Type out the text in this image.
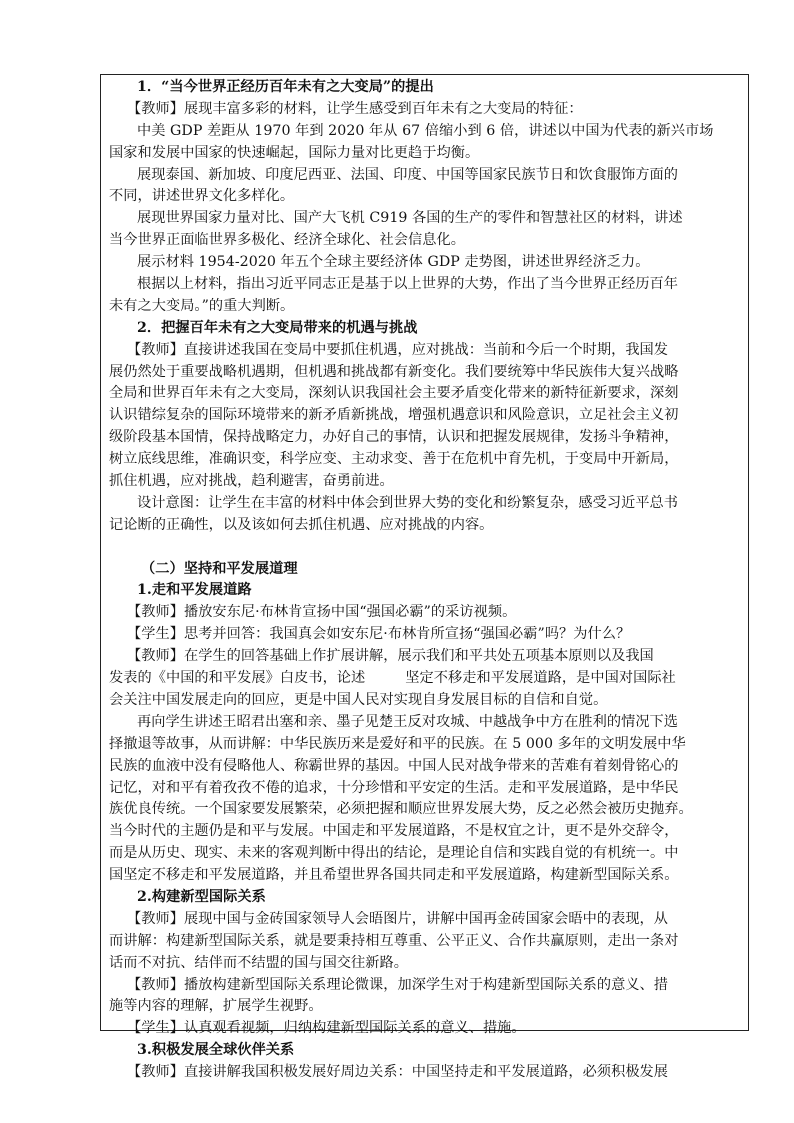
1．“当今世界正经历百年未有之大变局”的提出
【教师】展现丰富多彩的材料，让学生感受到百年未有之大变局的特征：
中美 GDP 差距从 1970 年到 2020 年从 67 倍缩小到 6 倍，讲述以中国为代表的新兴市场
国家和发展中国家的快速崛起，国际力量对比更趋于均衡。
展现泰国、新加坡、印度尼西亚、法国、印度、中国等国家民族节日和饮食服饰方面的
不同，讲述世界文化多样化。
展现世界国家力量对比、国产大飞机 C919 各国的生产的零件和智慧社区的材料，讲述
当今世界正面临世界多极化、经济全球化、社会信息化。
展示材料 1954-2020 年五个全球主要经济体 GDP 走势图，讲述世界经济乏力。
根据以上材料，指出习近平同志正是基于以上世界的大势，作出了当今世界正经历百年
未有之大变局。”的重大判断。
2．把握百年未有之大变局带来的机遇与挑战
【教师】直接讲述我国在变局中要抓住机遇，应对挑战：当前和今后一个时期，我国发
展仍然处于重要战略机遇期，但机遇和挑战都有新变化。我们要统筹中华民族伟大复兴战略
全局和世界百年未有之大变局，深刻认识我国社会主要矛盾变化带来的新特征新要求，深刻
认识错综复杂的国际环境带来的新矛盾新挑战，增强机遇意识和风险意识，立足社会主义初
级阶段基本国情，保持战略定力，办好自己的事情，认识和把握发展规律，发扬斗争精神，
树立底线思维，准确识变，科学应变、主动求变、善于在危机中育先机，于变局中开新局，
抓住机遇，应对挑战，趋利避害，奋勇前进。
设计意图：让学生在丰富的材料中体会到世界大势的变化和纷繁复杂，感受习近平总书
记论断的正确性，以及该如何去抓住机遇、应对挑战的内容。
（二）坚持和平发展道理
1.走和平发展道路
【教师】播放安东尼·布林肯宣扬中国“强国必霸”的采访视频。
【学生】思考并回答：我国真会如安东尼·布林肯所宣扬“强国必霸”吗？为什么？
【教师】在学生的回答基础上作扩展讲解，展示我们和平共处五项基本原则以及我国
发表的《中国的和平发展》白皮书，论述	坚定不移走和平发展道路，是中国对国际社
会关注中国发展走向的回应，更是中国人民对实现自身发展目标的自信和自觉。
再向学生讲述王昭君出塞和亲、墨子见楚王反对攻城、中越战争中方在胜利的情况下选
择撤退等故事，从而讲解：中华民族历来是爱好和平的民族。在 5 000 多年的文明发展中华
民族的血液中没有侵略他人、称霸世界的基因。中国人民对战争带来的苦难有着刻骨铭心的
记忆，对和平有着孜孜不倦的追求，十分珍惜和平安定的生活。走和平发展道路，是中华民
族优良传统。一个国家要发展繁荣，必须把握和顺应世界发展大势，反之必然会被历史抛弃。
当今时代的主题仍是和平与发展。中国走和平发展道路，不是权宜之计，更不是外交辞令，
而是从历史、现实、未来的客观判断中得出的结论，是理论自信和实践自觉的有机统一。中
国坚定不移走和平发展道路，并且希望世界各国共同走和平发展道路，构建新型国际关系。
2.构建新型国际关系
【教师】展现中国与金砖国家领导人会晤图片，讲解中国再金砖国家会晤中的表现，从
而讲解：构建新型国际关系，就是要秉持相互尊重、公平正义、合作共赢原则，走出一条对
话而不对抗、结伴而不结盟的国与国交往新路。
【教师】播放构建新型国际关系理论微课，加深学生对于构建新型国际关系的意义、措
施等内容的理解，扩展学生视野。
【学生】认真观看视频，归纳构建新型国际关系的意义、措施。
3.积极发展全球伙伴关系
【教师】直接讲解我国积极发展好周边关系：中国坚持走和平发展道路，必须积极发展
